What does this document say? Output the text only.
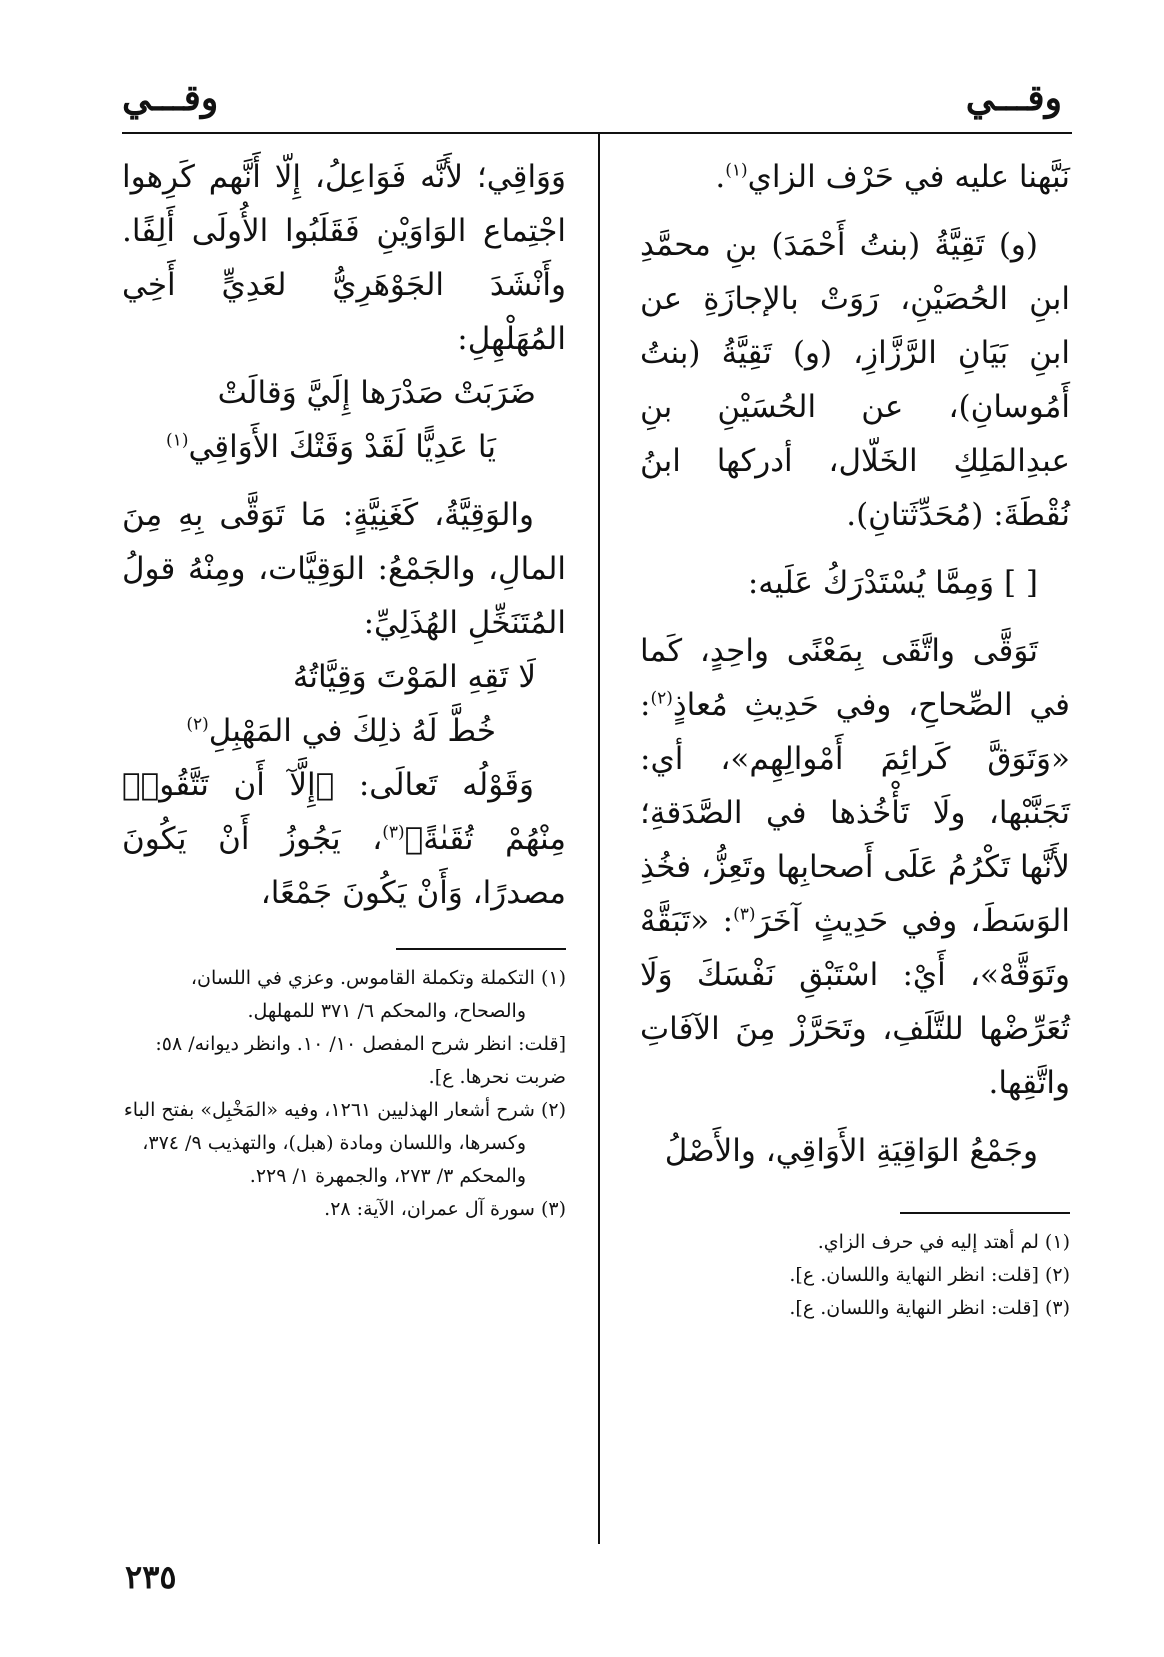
وقـــي
وقـــي

نَبَّهنا عليه في حَرْف الزاي$^{(١)}$.

(و) تَقِيَّةُ (بنتُ أَحْمَدَ) بنِ محمَّدِ ابنِ الحُصَيْنِ، رَوَتْ بالإجازَةِ عن ابنِ بَيَانِ الرَّزَّازِ، (و) تَقِيَّةُ (بنتُ أَمُوسانِ)، عن الحُسَيْنِ بنِ عبدِالمَلِكِ الخَلّال، أدركها ابنُ نُقْطَةَ: (مُحَدِّثَتانِ).

[ ] وَمِمَّا يُسْتَدْرَكُ عَلَيه:

تَوَقَّى واتَّقَى بِمَعْنًى واحِدٍ، كَما في الصِّحاحِ، وفي حَدِيثِ مُعاذٍ$^{(٢)}$: «وَتَوَقَّ كَرائِمَ أَمْوالِهِم»، أي: تَجَنَّبْها، ولَا تَأْخُذها في الصَّدَقةِ؛ لأَنَّها تَكْرُمُ عَلَى أَصحابِها وتَعِزُّ، فخُذِ الوَسَطَ، وفي حَدِيثٍ آخَرَ$^{(٣)}$: «تَبَقَّهْ وتَوَقَّهْ»، أَيْ: اسْتَبْقِ نَفْسَكَ وَلَا تُعَرِّضْها للتَّلَفِ، وتَحَرَّزْ مِنَ الآفَاتِ واتَّقِها.

وجَمْعُ الوَاقِيَةِ الأَوَاقِي، والأَصْلُ

(١) لم أهتد إليه في حرف الزاي.

(٢) [قلت: انظر النهاية واللسان. ع].

(٣) [قلت: انظر النهاية واللسان. ع].

وَوَاقِي؛ لأَنَّه فَوَاعِلُ، إِلّا أَنَّهم كَرِهوا اجْتِماع الوَاوَيْنِ فَقَلَبُوا الأُولَى أَلِفًا. وأَنْشَدَ الجَوْهَرِيُّ لعَدِيٍّ أَخِي المُهَلْهِلِ:

ضَرَبَتْ صَدْرَها إِلَيَّ وَقالَتْ

يَا عَدِيًّا لَقَدْ وَقَتْكَ الأَوَاقِي$^{(١)}$

والوَقِيَّةُ، كَغَنِيَّةٍ: مَا تَوَقَّى بِهِ مِنَ المالِ، والجَمْعُ: الوَقِيَّات، ومِنْهُ قولُ المُتَنَخِّلِ الهُذَلِيِّ:

لَا تَقِهِ المَوْتَ وَقِيَّاتُهُ

خُطَّ لَهُ ذلِكَ في المَهْبِلِ$^{(٢)}$

وَقَوْلُه تَعالَى: ﴿إِلَّآ أَن تَتَّقُوا۟ مِنْهُمْ تُقَىٰةً﴾$^{(٣)}$، يَجُوزُ أَنْ يَكُونَ مصدرًا، وَأَنْ يَكُونَ جَمْعًا،

(١) التكملة وتكملة القاموس. وعزي في اللسان، والصحاح، والمحكم ٦/ ٣٧١ للمهلهل.

[قلت: انظر شرح المفصل ١٠/ ١٠. وانظر ديوانه/ ٥٨: ضربت نحرها. ع].

(٢) شرح أشعار الهذليين ١٢٦١، وفيه «المَخْبِل» بفتح الباء وكسرها، واللسان ومادة (هبل)، والتهذيب ٩/ ٣٧٤، والمحكم ٣/ ٢٧٣، والجمهرة ١/ ٢٢٩.

(٣) سورة آل عمران، الآية: ٢٨.

٢٣٥
